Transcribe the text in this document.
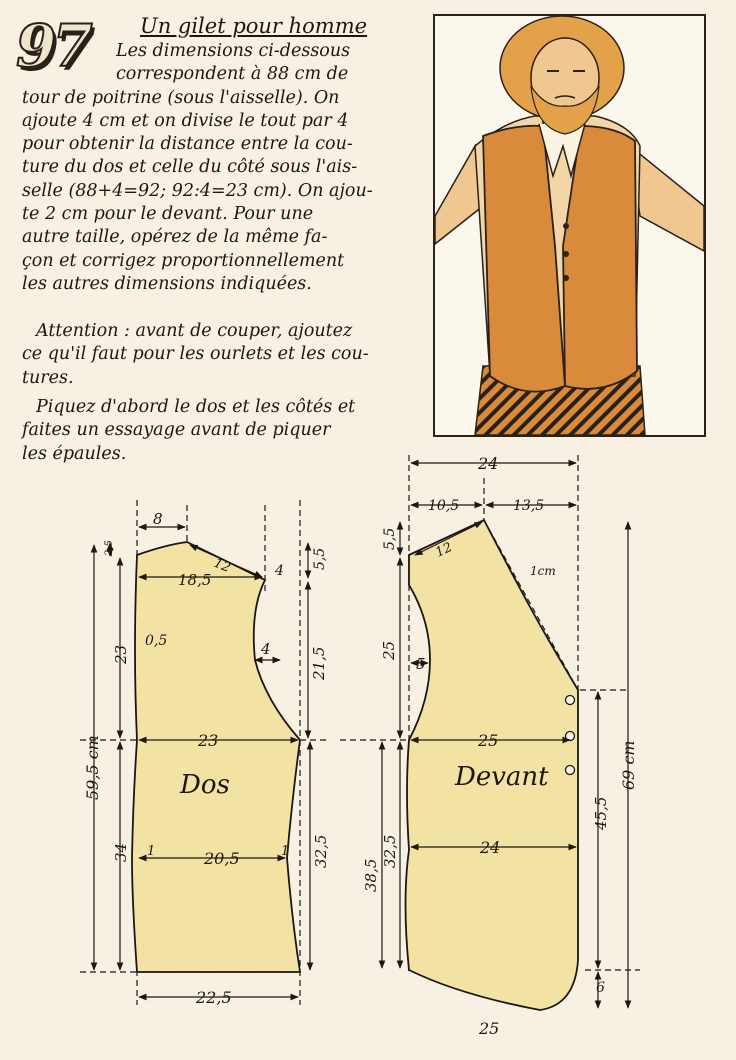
97 Un gilet pour homme
Les dimensions ci-dessous
correspondent à 88 cm de
tour de poitrine (sous l'aisselle). On
ajoute 4 cm et on divise le tout par 4
pour obtenir la distance entre la cou-
ture du dos et celle du côté sous l'ais-
selle (88+4=92; 92:4=23 cm). On ajou-
te 2 cm pour le devant. Pour une
autre taille, opérez de la même fa-
çon et corrigez proportionnellement
les autres dimensions indiquées.
Attention : avant de couper, ajoutez
ce qu'il faut pour les ourlets et les cou-
tures.
Piquez d'abord le dos et les côtés et
faites un essayage avant de piquer
les épaules.
8
2,5
18,5
12	4
5,5
4	21,5
0,5
23
23
Dos
1	20,5	1
34	32,5
59,5 cm
22,5
24
10,5	13,5
12
5,5
1cm
5
25
25
Devant
24
32,5
38,5
45,5
6
69 cm
25
